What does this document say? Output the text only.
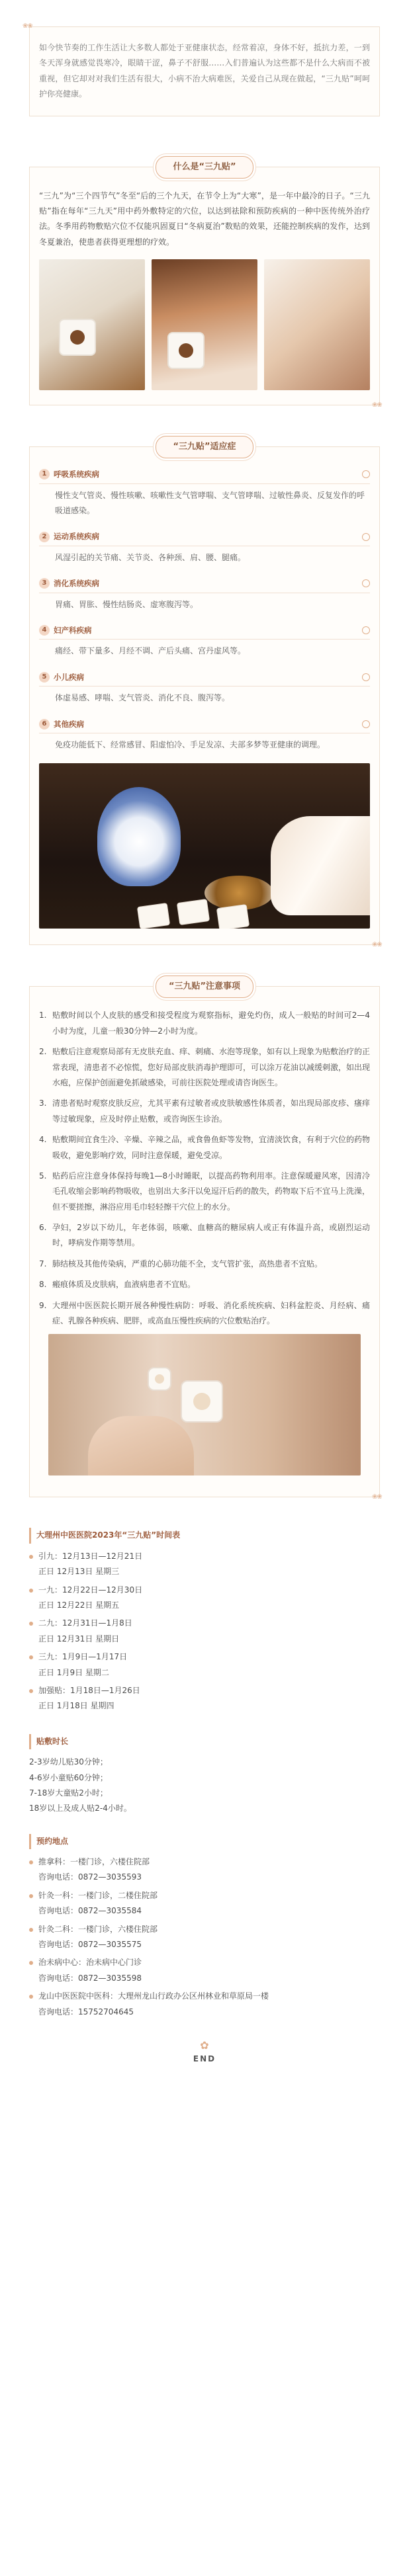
❀❀

如今快节奏的工作生活让大多数人都处于亚健康状态，经常着凉，身体不好，抵抗力差，一到冬天浑身就感觉畏寒冷，眼睛干涩，鼻子不舒服……入们普遍认为这些都不是什么大病而不被重视，但它却对对我们生活有很大，小病不治大病难医，关爱自己从现在做起，“三九贴”呵呵护你亮健康。

什么是“三九贴”

“三九”为“三个四节气”冬至“后的三个九天，在节令上为“大寒”，是一年中最冷的日子。“三九贴”指在每年“三九天”用中药外敷特定的穴位，以达到祛除和预防疾病的一种中医传统外治疗法。冬季用药物敷贴穴位不仅能巩固夏日“冬病夏治”数贴的效果，还能控制疾病的发作，达到冬夏兼治，使患者获得更理想的疗效。

❀❀
“三九贴”适应症
1 呼吸系统疾病
慢性支气管炎、慢性咳嗽、咳嗽性支气管哮喘、支气管哮喘、过敏性鼻炎、反复发作的呼吸道感染。
2 运动系统疾病
风湿引起的关节痛、关节炎、各种颈、肩、腰、腿痛。
3 消化系统疾病
胃痛、胃胀、慢性结肠炎、虚寒腹泻等。
4 妇产科疾病
痛经、带下量多、月经不调、产后头痛、宫丹虚风等。
5 小儿疾病
体虚易感、哮喘、支气管炎、消化不良、腹泻等。
6 其他疾病
免疫功能低下、经常感冒、阳虚怕冷、手足发凉、夫部多梦等亚健康的调理。
❀❀
“三九贴”注意事项
1. 贴敷时间以个人皮肤的感受和接受程度为观察指标，避免灼伤，成人一般贴的时间可2—4小时为度，儿童一般30分钟—2小时为度。
2. 贴敷后注意观察局部有无皮肤充血、痒、刺痛、水泡等现象，如有以上现象为贴敷治疗的正常表现，清患者不必惊慌，您好局部皮肤消毒护理即可，可以涂万花油以减缓刺激，如出现水疱，应保护创面避免抓破感染，可前往医院处理或请咨询医生。
3. 清患者贴时观察皮肤反应，尤其平素有过敏者或皮肤敏感性体质者，如出现局部皮疹、瘙痒等过敏现象，应及时停止贴敷，或咨询医生诊治。
4. 贴敷期间宜食生冷、辛燥、辛辣之品，戒食鲁鱼虾等发物，宜清淡饮食，有利于穴位的药物吸收，避免影响疗效，同时注意保暖，避免受凉。
5. 贴药后应注意身体保持每晚1—8小时睡眠，以提高药物利用率。注意保暖避风寒，因清冷毛孔收缩会影响药物吸收，也别出大多汗以免逗汗后药的散失，药物取下后不宜马上洗澡，但不要搓擦，淋浴应用毛巾轻轻擦干穴位上的水分。
6. 孕妇，2岁以下幼儿，年老体弱，咳嗽、血糖高的糖尿病人或正有体温升高，或剧烈运动时，哮病发作期等禁用。
7. 肺结核及其他传染病，严重的心肺功能不全，支气管扩张，高热患者不宜贴。
8. 瘢痕体质及皮肤病，血液病患者不宜贴。
9. 大理州中医医院长期开展各种慢性病防：呼吸、消化系统疾病、妇科盆腔炎、月经病、痛症、乳腺各种疾病、肥胖，或高血压慢性疾病的穴位敷贴治疗。
❀❀
大理州中医医院2023年“三九贴”时间表
引九：12月13日—12月21日
正日 12月13日 星期三
一九：12月22日—12月30日
正日 12月22日 星期五
二九：12月31日—1月8日
正日 12月31日 星期日
三九：1月9日—1月17日
正日 1月9日 星期二
加强贴：1月18日—1月26日
正日 1月18日 星期四
贴敷时长
2-3岁幼儿贴30分钟；
4-6岁小童贴60分钟；
7-18岁大童贴2小时；
18岁以上及成人贴2-4小时。
预约地点
推拿科：一楼门诊，六楼住院部
咨询电话：0872—3035593
针灸一科：一楼门诊，二楼住院部
咨询电话：0872—3035584
针灸二科：一楼门诊，六楼住院部
咨询电话：0872—3035575
治未病中心：治未病中心门诊
咨询电话：0872—3035598
龙山中医医院中医科：大理州龙山行政办公区州林业和草原局一楼
咨询电话：15752704645
✿
END
